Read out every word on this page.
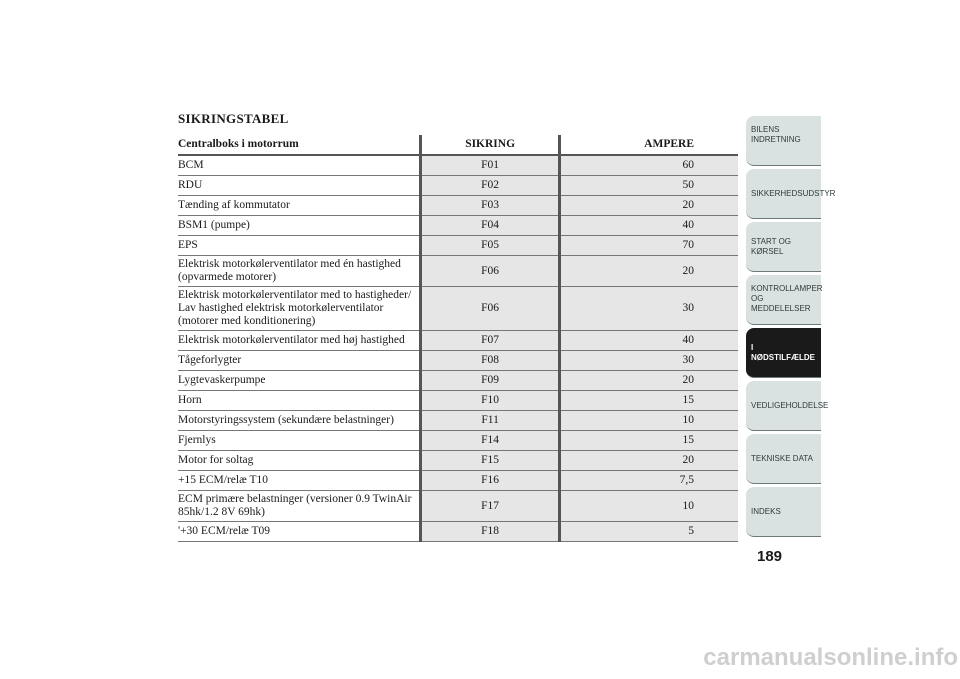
SIKRINGSTABEL
Centralboks i motorrum	SIKRING	AMPERE

BCM	F01	60

RDU	F02	50

Tænding af kommutator	F03	20

BSM1 (pumpe)	F04	40

EPS	F05	70

Elektrisk motorkølerventilator med én hastighed
(opvarmede motorer)	F06	20

Elektrisk motorkølerventilator med to hastigheder/
Lav hastighed elektrisk motorkølerventilator
(motorer med konditionering)	F06	30

Elektrisk motorkølerventilator med høj hastighed	F07	40

Tågeforlygter	F08	30

Lygtevaskerpumpe	F09	20

Horn	F10	15

Motorstyringssystem (sekundære belastninger)	F11	10

Fjernlys	F14	15

Motor for soltag	F15	20

+15 ECM/relæ T10	F16	7,5

ECM primære belastninger (versioner 0.9 TwinAir
85hk/1.2 8V 69hk)	F17	10

'+30 ECM/relæ T09	F18	5
BILENS
INDRETNING
SIKKERHEDSUDSTYR
START OG KØRSEL
KONTROLLAMPER
OG MEDDELELSER
I NØDSTILFÆLDE
VEDLIGEHOLDELSE
TEKNISKE DATA
INDEKS
189
carmanualsonline.info
